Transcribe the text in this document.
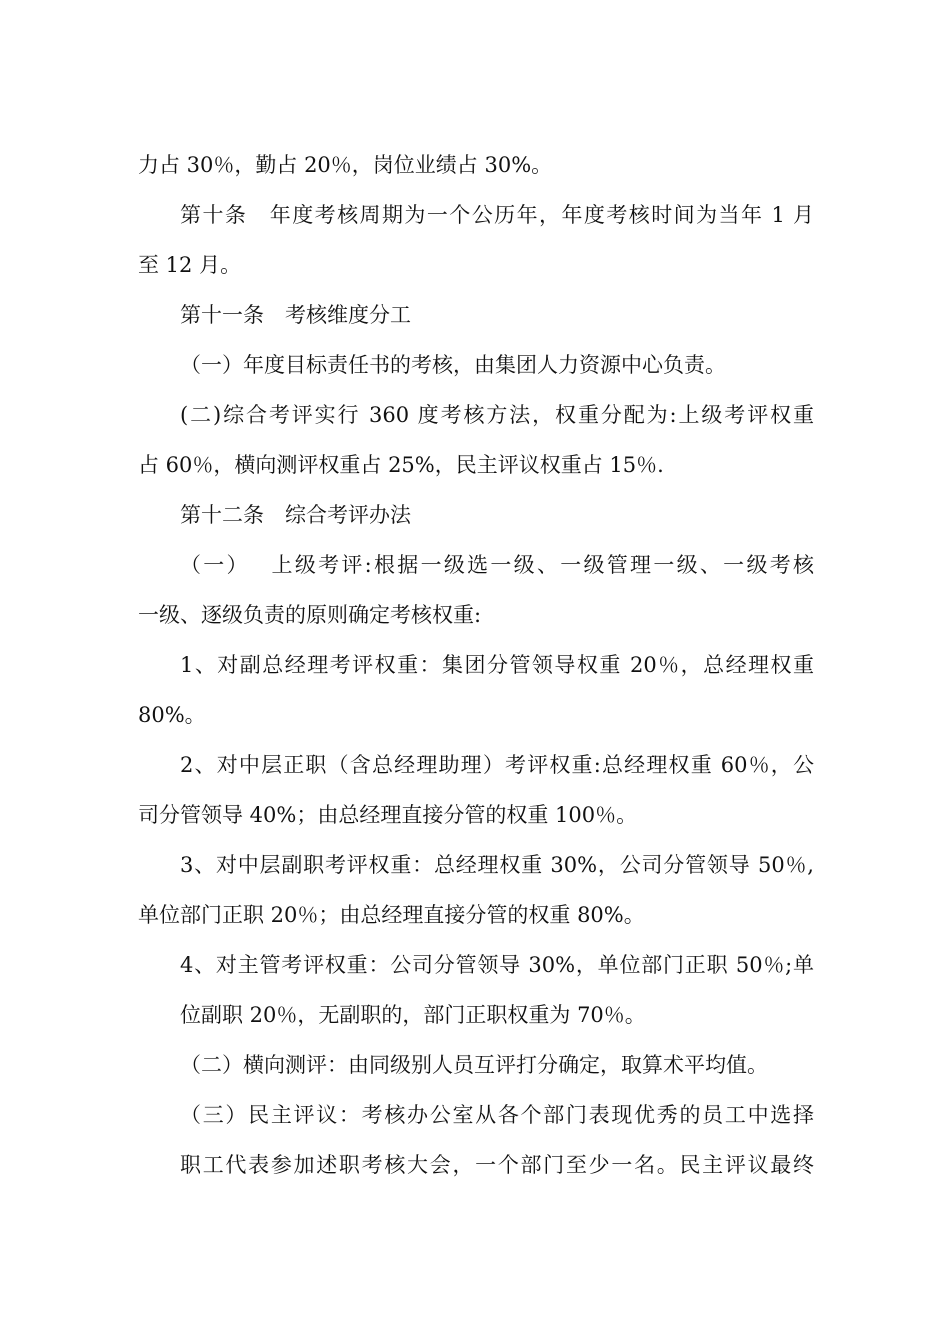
力占 30％，勤占 20％，岗位业绩占 30%。
第十条　年度考核周期为一个公历年，年度考核时间为当年 1 月
至 12 月。
第十一条　考核维度分工
（一）年度目标责任书的考核，由集团人力资源中心负责。
(二)综合考评实行 360 度考核方法，权重分配为:上级考评权重
占 60％，横向测评权重占 25%，民主评议权重占 15％.
第十二条　综合考评办法
（一）　 上级考评:根据一级选一级、一级管理一级、一级考核
一级、逐级负责的原则确定考核权重:
1、对副总经理考评权重：集团分管领导权重 20％，总经理权重
80%。
2、对中层正职（含总经理助理）考评权重:总经理权重 60％，公
司分管领导 40%；由总经理直接分管的权重 100％。
3、对中层副职考评权重：总经理权重 30%，公司分管领导 50％,
单位部门正职 20％；由总经理直接分管的权重 80%。
4、对主管考评权重：公司分管领导 30%，单位部门正职 50％;单
位副职 20％，无副职的，部门正职权重为 70％。
（二）横向测评：由同级别人员互评打分确定，取算术平均值。
（三）民主评议：考核办公室从各个部门表现优秀的员工中选择
职工代表参加述职考核大会，一个部门至少一名。民主评议最终
